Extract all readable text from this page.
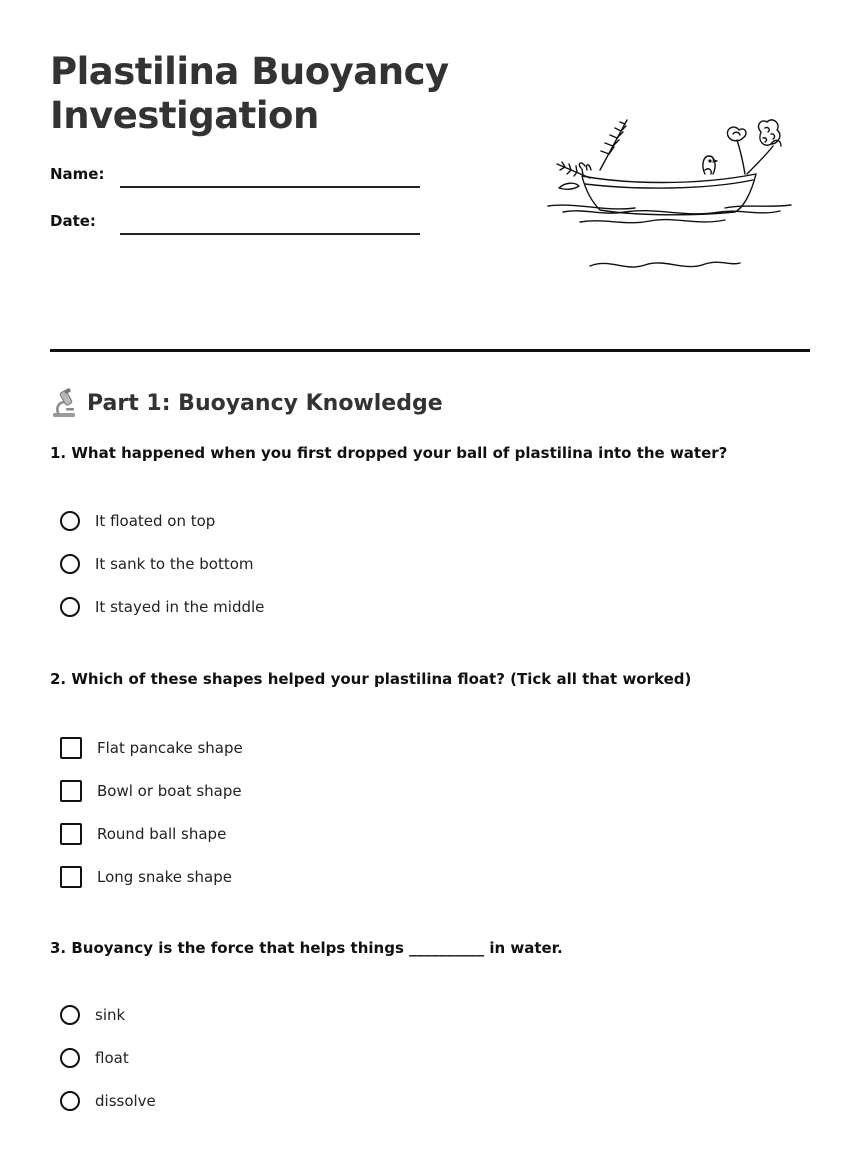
Plastilina Buoyancy
Investigation
Name:
Date:
Part 1: Buoyancy Knowledge
1. What happened when you first dropped your ball of plastilina into the water?
It floated on top
It sank to the bottom
It stayed in the middle
2. Which of these shapes helped your plastilina float? (Tick all that worked)
Flat pancake shape
Bowl or boat shape
Round ball shape
Long snake shape
3. Buoyancy is the force that helps things __________ in water.
sink
float
dissolve
